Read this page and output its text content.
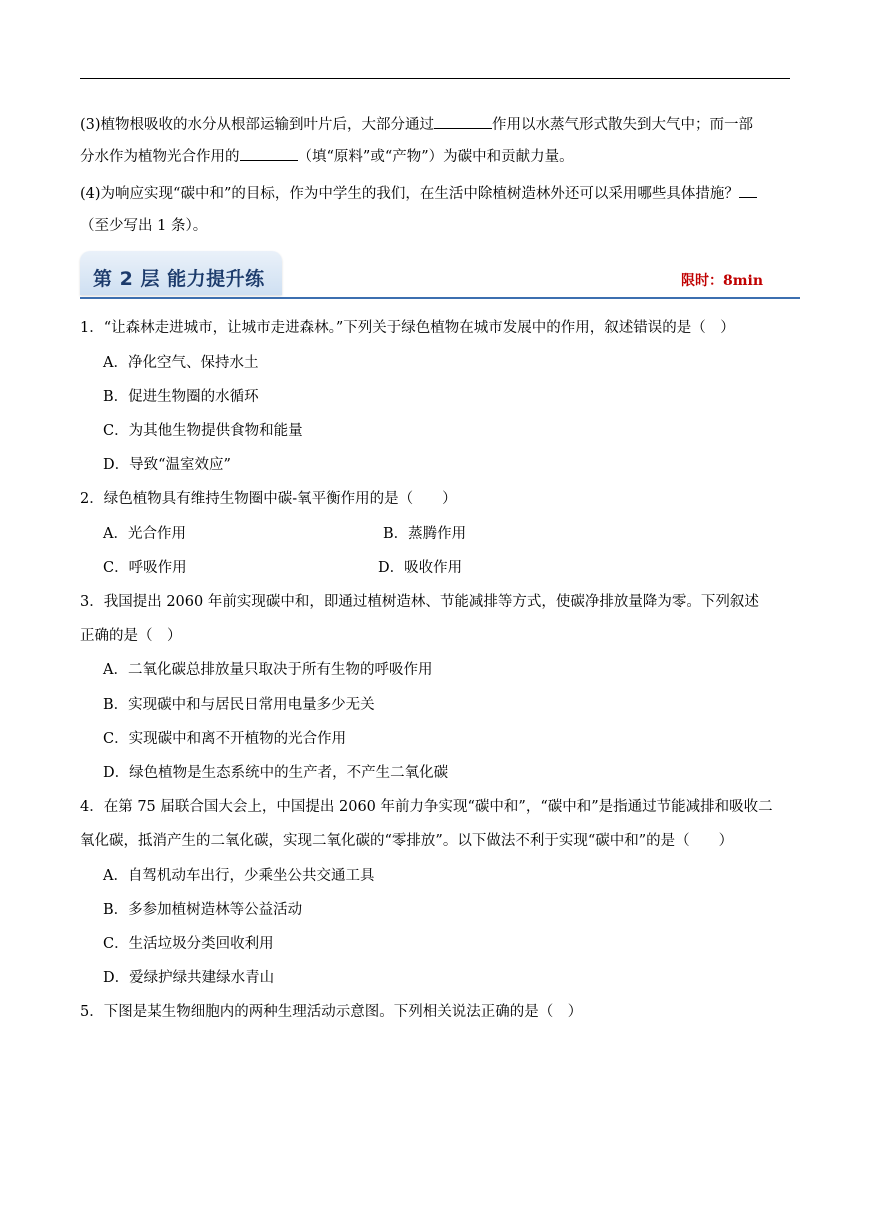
(3)植物根吸收的水分从根部运输到叶片后，大部分通过	作用以水蒸气形式散失到大气中；而一部
分水作为植物光合作用的	（填“原料”或“产物”）为碳中和贡献力量。
(4)为响应实现“碳中和”的目标，作为中学生的我们，在生活中除植树造林外还可以采用哪些具体措施？
（至少写出 1 条）。
第 2 层 能力提升练	限时：8min
1．“让森林走进城市，让城市走进森林。”下列关于绿色植物在城市发展中的作用，叙述错误的是（　）
A．净化空气、保持水土
B．促进生物圈的水循环
C．为其他生物提供食物和能量
D．导致“温室效应”
2．绿色植物具有维持生物圈中碳-氧平衡作用的是（　　）
A．光合作用	B．蒸腾作用
C．呼吸作用	D．吸收作用
3．我国提出 2060 年前实现碳中和，即通过植树造林、节能减排等方式，使碳净排放量降为零。下列叙述
正确的是（　）
A．二氧化碳总排放量只取决于所有生物的呼吸作用
B．实现碳中和与居民日常用电量多少无关
C．实现碳中和离不开植物的光合作用
D．绿色植物是生态系统中的生产者，不产生二氧化碳
4．在第 75 届联合国大会上，中国提出 2060 年前力争实现“碳中和”，“碳中和”是指通过节能减排和吸收二
氧化碳，抵消产生的二氧化碳，实现二氧化碳的“零排放”。以下做法不利于实现“碳中和”的是（　　）
A．自驾机动车出行，少乘坐公共交通工具
B．多参加植树造林等公益活动
C．生活垃圾分类回收利用
D．爱绿护绿共建绿水青山
5．下图是某生物细胞内的两种生理活动示意图。下列相关说法正确的是（　）
